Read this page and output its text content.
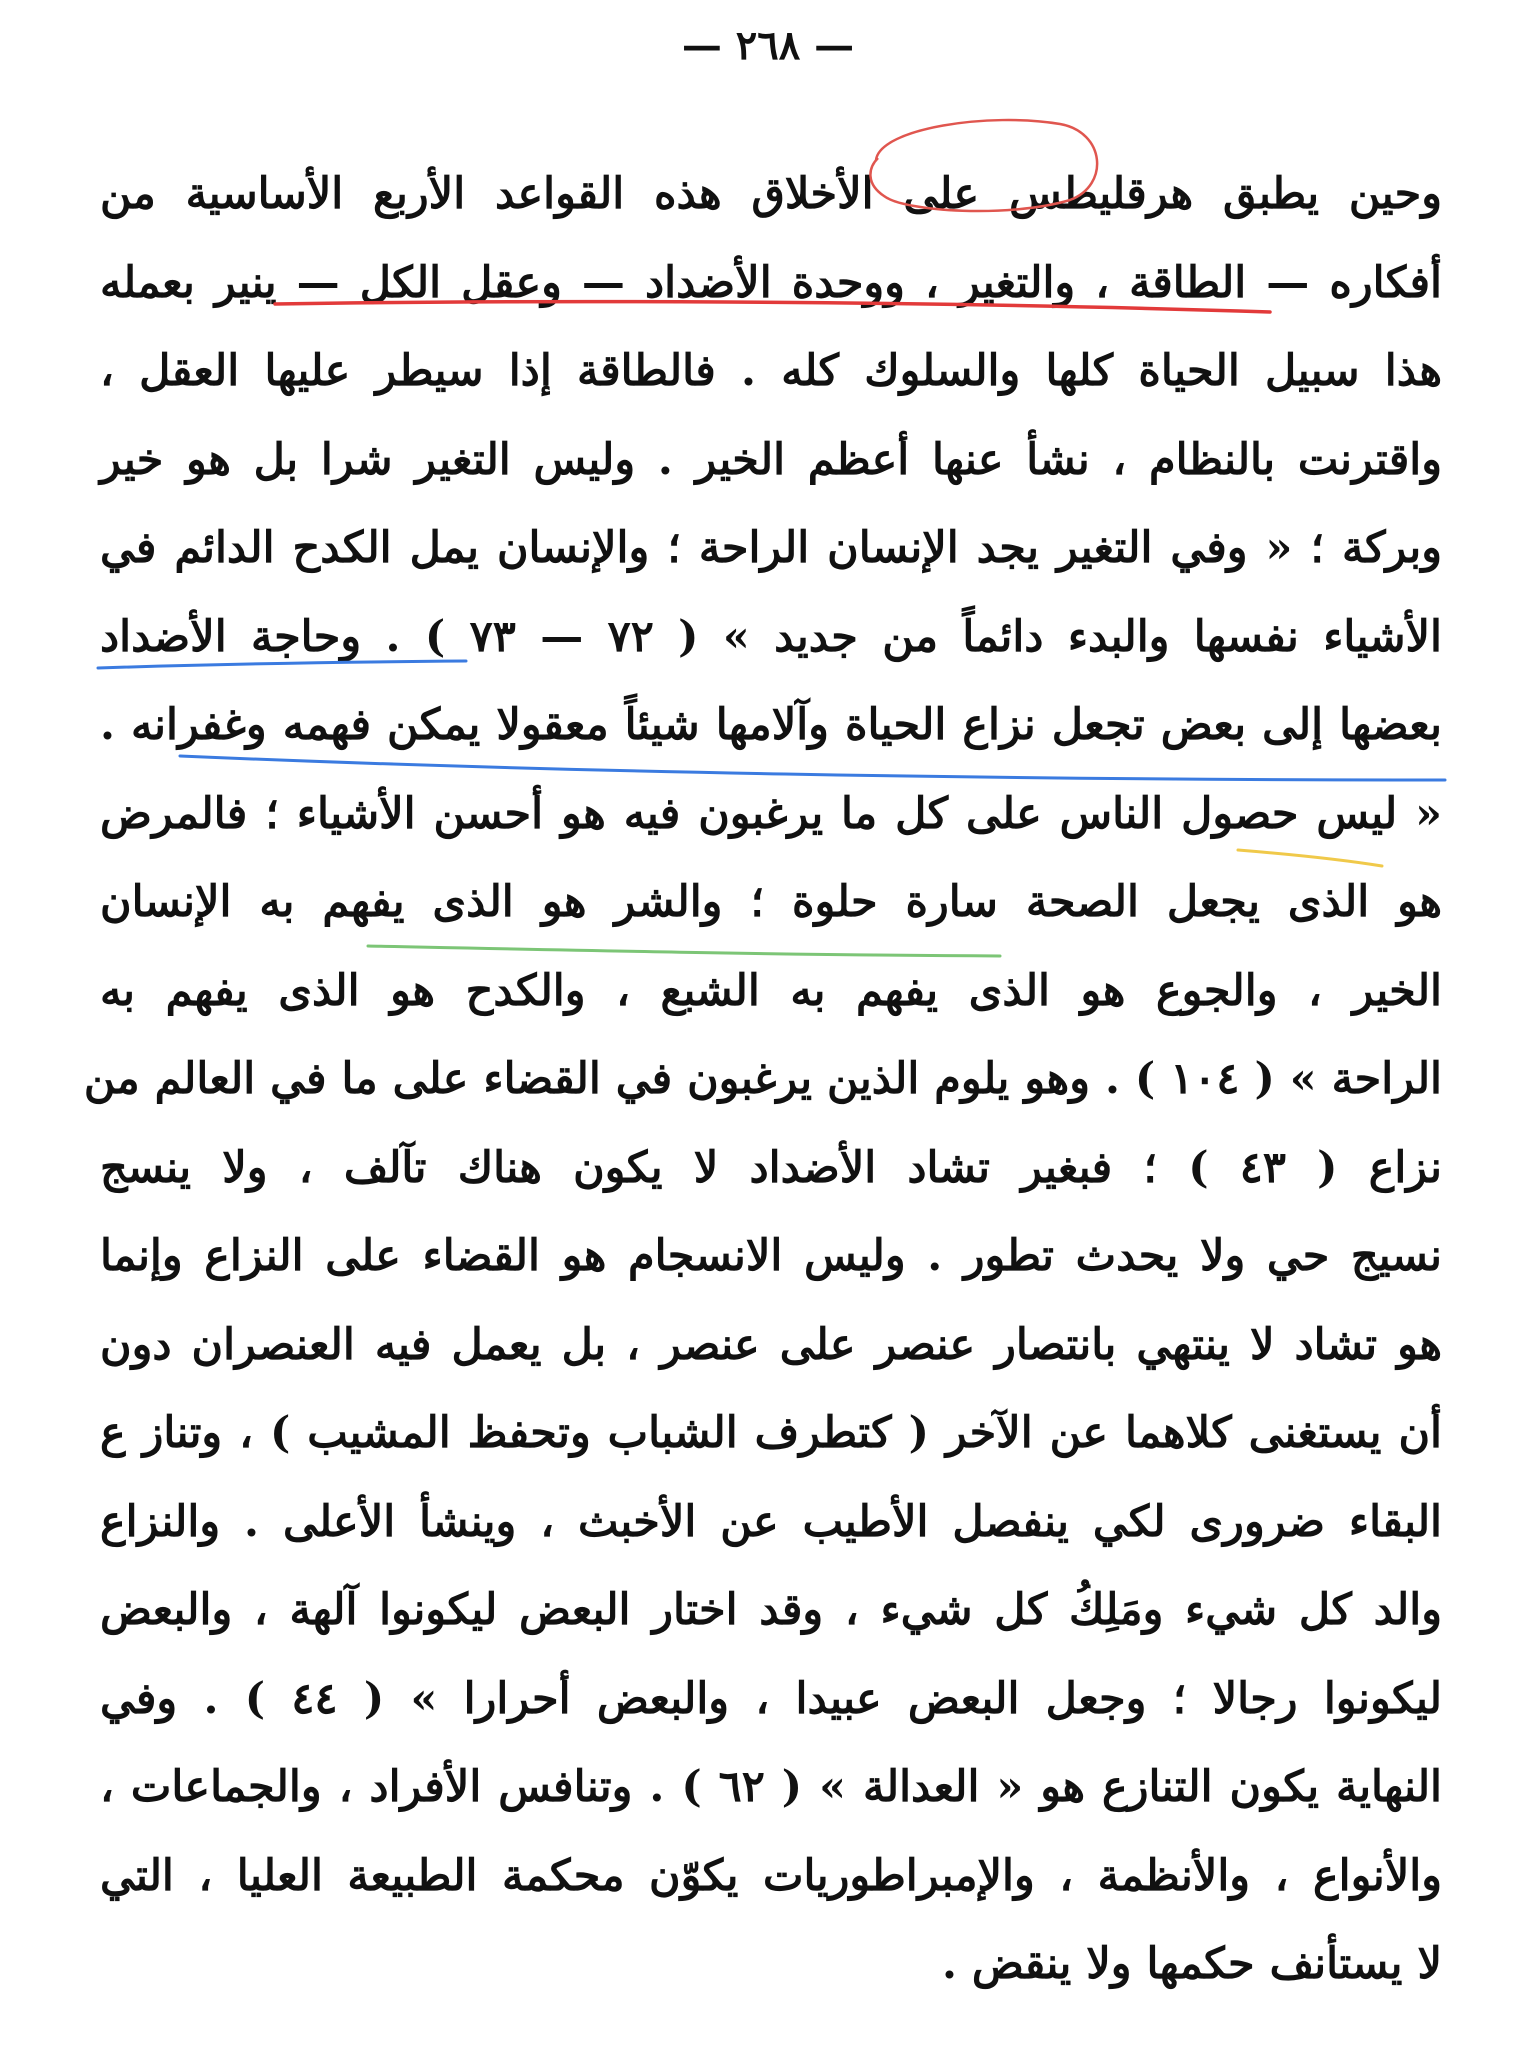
— ٢٦٨ —
وحين يطبق هرقليطس على الأخلاق هذه القواعد الأربع الأساسية من
أفكاره — الطاقة ، والتغير ، ووحدة الأضداد — وعقل الكل — ينير بعمله
هذا سبيل الحياة كلها والسلوك كله . فالطاقة إذا سيطر عليها العقل ،
واقترنت بالنظام ، نشأ عنها أعظم الخير . وليس التغير شرا بل هو خير
وبركة ؛ « وفي التغير يجد الإنسان الراحة ؛ والإنسان يمل الكدح الدائم في
الأشياء نفسها والبدء دائماً من جديد » ( ٧٢ — ٧٣ ) . وحاجة الأضداد
بعضها إلى بعض تجعل نزاع الحياة وآلامها شيئاً معقولا يمكن فهمه وغفرانه .
« ليس حصول الناس على كل ما يرغبون فيه هو أحسن الأشياء ؛ فالمرض
هو الذى يجعل الصحة سارة حلوة ؛ والشر هو الذى يفهم به الإنسان
الخير ، والجوع هو الذى يفهم به الشبع ، والكدح هو الذى يفهم به
الراحة » ( ١٠٤ ) . وهو يلوم الذين يرغبون في القضاء على ما في العالم من
نزاع ( ٤٣ ) ؛ فبغير تشاد الأضداد لا يكون هناك تآلف ، ولا ينسج
نسيج حي ولا يحدث تطور . وليس الانسجام هو القضاء على النزاع وإنما
هو تشاد لا ينتهي بانتصار عنصر على عنصر ، بل يعمل فيه العنصران دون
أن يستغنى كلاهما عن الآخر ( كتطرف الشباب وتحفظ المشيب ) ، وتناز ع
البقاء ضرورى لكي ينفصل الأطيب عن الأخبث ، وينشأ الأعلى . والنزاع
والد كل شيء ومَلِكُ كل شيء ، وقد اختار البعض ليكونوا آلهة ، والبعض
ليكونوا رجالا ؛ وجعل البعض عبيدا ، والبعض أحرارا » ( ٤٤ ) . وفي
النهاية يكون التنازع هو « العدالة » ( ٦٢ ) . وتنافس الأفراد ، والجماعات ،
والأنواع ، والأنظمة ، والإمبراطوريات يكوّن محكمة الطبيعة العليا ، التي
لا يستأنف حكمها ولا ينقض .
